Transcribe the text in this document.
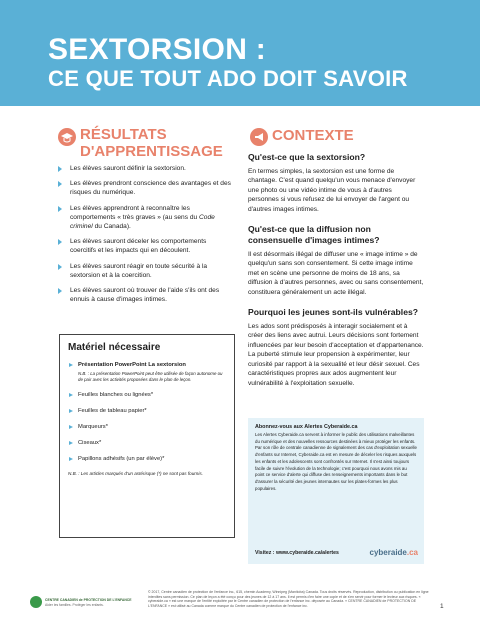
SEXTORSION :
CE QUE TOUT ADO DOIT SAVOIR
RÉSULTATS
D'APPRENTISSAGE
Les élèves sauront définir la sextorsion.
Les élèves prendront conscience des avantages et des risques du numérique.
Les élèves apprendront à reconnaître les comportements « très graves » (au sens du Code criminel du Canada).
Les élèves sauront déceler les comportements coercitifs et les impacts qui en découlent.
Les élèves sauront réagir en toute sécurité à la sextorsion et à la coercition.
Les élèves sauront où trouver de l'aide s'ils ont des ennuis à cause d'images intimes.
Matériel nécessaire
Présentation PowerPoint La sextorsion
N.B. : La présentation PowerPoint peut être utilisée de façon autonome ou de pair avec les activités proposées dans le plan de leçon.
Feuilles blanches ou lignées*
Feuilles de tableau papier*
Marqueurs*
Ciseaux*
Papillons adhésifs (un par élève)*
N.B. : Les articles marqués d'un astérisque (*) ne sont pas fournis.
CONTEXTE
Qu'est-ce que la sextorsion?
En termes simples, la sextorsion est une forme de chantage. C'est quand quelqu'un vous menace d'envoyer une photo ou une vidéo intime de vous à d'autres personnes si vous refusez de lui envoyer de l'argent ou d'autres images intimes.
Qu'est-ce que la diffusion non consensuelle d'images intimes?
Il est désormais illégal de diffuser une « image intime » de quelqu'un sans son consentement. Si cette image intime met en scène une personne de moins de 18 ans, sa diffusion à d'autres personnes, avec ou sans consentement, constituera généralement un acte illégal.
Pourquoi les jeunes sont-ils vulnérables?
Les ados sont prédisposés à interagir socialement et à créer des liens avec autrui. Leurs décisions sont fortement influencées par leur besoin d'acceptation et d'appartenance. La puberté stimule leur propension à expérimenter, leur curiosité par rapport à la sexualité et leur désir sexuel. Ces caractéristiques propres aux ados augmentent leur vulnérabilité à l'exploitation sexuelle.
Abonnez-vous aux Alertes Cyberaide.ca
Les Alertes Cyberaide.ca servent à informer le public des utilisations malveillantes du numérique et des nouvelles ressources destinées à mieux protéger les enfants. Par son rôle de centrale canadienne de signalement des cas d'exploitation sexuelle d'enfants sur Internet, Cyberaide.ca est en mesure de déceler les risques auxquels les enfants et les adolescents sont confrontés sur Internet. Il s'est ainsi toujours facile de suivre l'évolution de la technologie; c'est pourquoi nous avons mis au point ce service d'alerte qui diffuse des renseignements importants dans le but d'assurer la sécurité des jeunes internautes sur les plates-formes les plus populaires.
Visitez : www.cyberaide.ca/alertes	cyberaide.ca
CENTRE CANADIEN de PROTECTION DE L'ENFANCE
Aider les familles. Protéger les enfants.
© 2017, Centre canadien de protection de l'enfance inc., 615, chemin Academy, Winnipeg (Manitoba) Canada. Tous droits réservés. Reproduction, distribution ou publication en ligne interdites sans permission. Ce plan de leçon a été conçu pour des jeunes de 12 à 17 ans. Il est permis d'en faire une copie et de s'en servir pour former le lecteur aux risques. « cyberaide.ca » est une marque de l'entité exploitée par le Centre canadien de protection de l'enfance inc. déposée au Canada. « CENTRE CANADIEN de PROTECTION DE L'ENFANCE » est utilisé au Canada comme marque du Centre canadien de protection de l'enfance inc.	1
